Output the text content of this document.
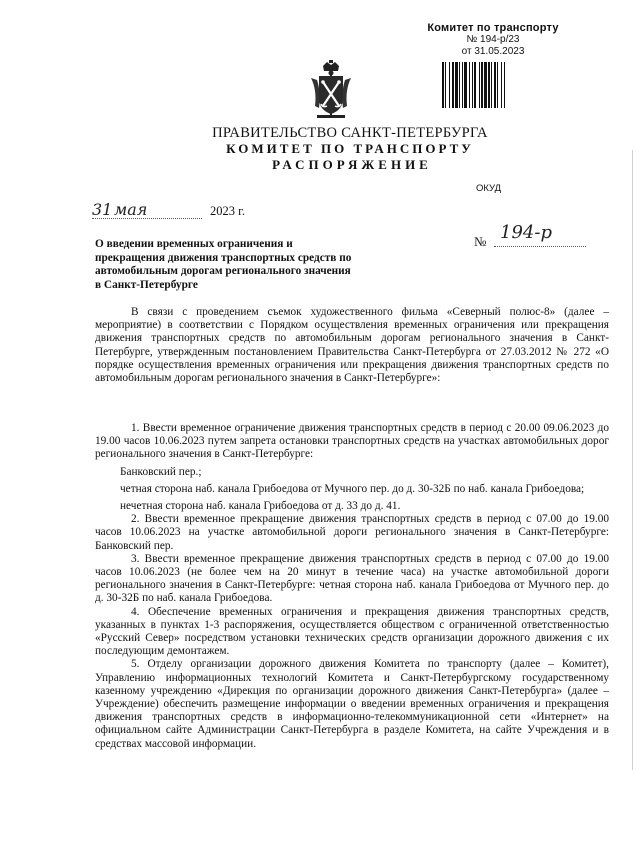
Комитет по транспорту
№ 194-р/23
от 31.05.2023
ПРАВИТЕЛЬСТВО САНКТ-ПЕТЕРБУРГА
КОМИТЕТ ПО ТРАНСПОРТУ
РАСПОРЯЖЕНИЕ
ОКУД
31 мая	2023 г.
№ 194-р
О введении временных ограничения и прекращения движения транспортных средств по автомобильным дорогам регионального значения в Санкт-Петербурге

В связи с проведением съемок художественного фильма «Северный полюс-8» (далее – мероприятие) в соответствии с Порядком осуществления временных ограничения или прекращения движения транспортных средств по автомобильным дорогам регионального значения в Санкт-Петербурге, утвержденным постановлением Правительства Санкт-Петербурга от 27.03.2012 № 272 «О порядке осуществления временных ограничения или прекращения движения транспортных средств по автомобильным дорогам регионального значения в Санкт-Петербурге»:

1. Ввести временное ограничение движения транспортных средств в период с 20.00 09.06.2023 до 19.00 часов 10.06.2023 путем запрета остановки транспортных средств на участках автомобильных дорог регионального значения в Санкт-Петербурге:

Банковский пер.;

четная сторона наб. канала Грибоедова от Мучного пер. до д. 30-32Б по наб. канала Грибоедова;

нечетная сторона наб. канала Грибоедова от д. 33 до д. 41.

2. Ввести временное прекращение движения транспортных средств в период с 07.00 до 19.00 часов 10.06.2023 на участке автомобильной дороги регионального значения в Санкт-Петербурге: Банковский пер.

3. Ввести временное прекращение движения транспортных средств в период с 07.00 до 19.00 часов 10.06.2023 (не более чем на 20 минут в течение часа) на участке автомобильной дороги регионального значения в Санкт-Петербурге: четная сторона наб. канала Грибоедова от Мучного пер. до д. 30-32Б по наб. канала Грибоедова.

4. Обеспечение временных ограничения и прекращения движения транспортных средств, указанных в пунктах 1-3 распоряжения, осуществляется обществом с ограниченной ответственностью «Русский Север» посредством установки технических средств организации дорожного движения с их последующим демонтажем.

5. Отделу организации дорожного движения Комитета по транспорту (далее – Комитет), Управлению информационных технологий Комитета и Санкт-Петербургскому государственному казенному учреждению «Дирекция по организации дорожного движения Санкт-Петербурга» (далее – Учреждение) обеспечить размещение информации о введении временных ограничения и прекращения движения транспортных средств в информационно-телекоммуникационной сети «Интернет» на официальном сайте Администрации Санкт-Петербурга в разделе Комитета, на сайте Учреждения и в средствах массовой информации.
